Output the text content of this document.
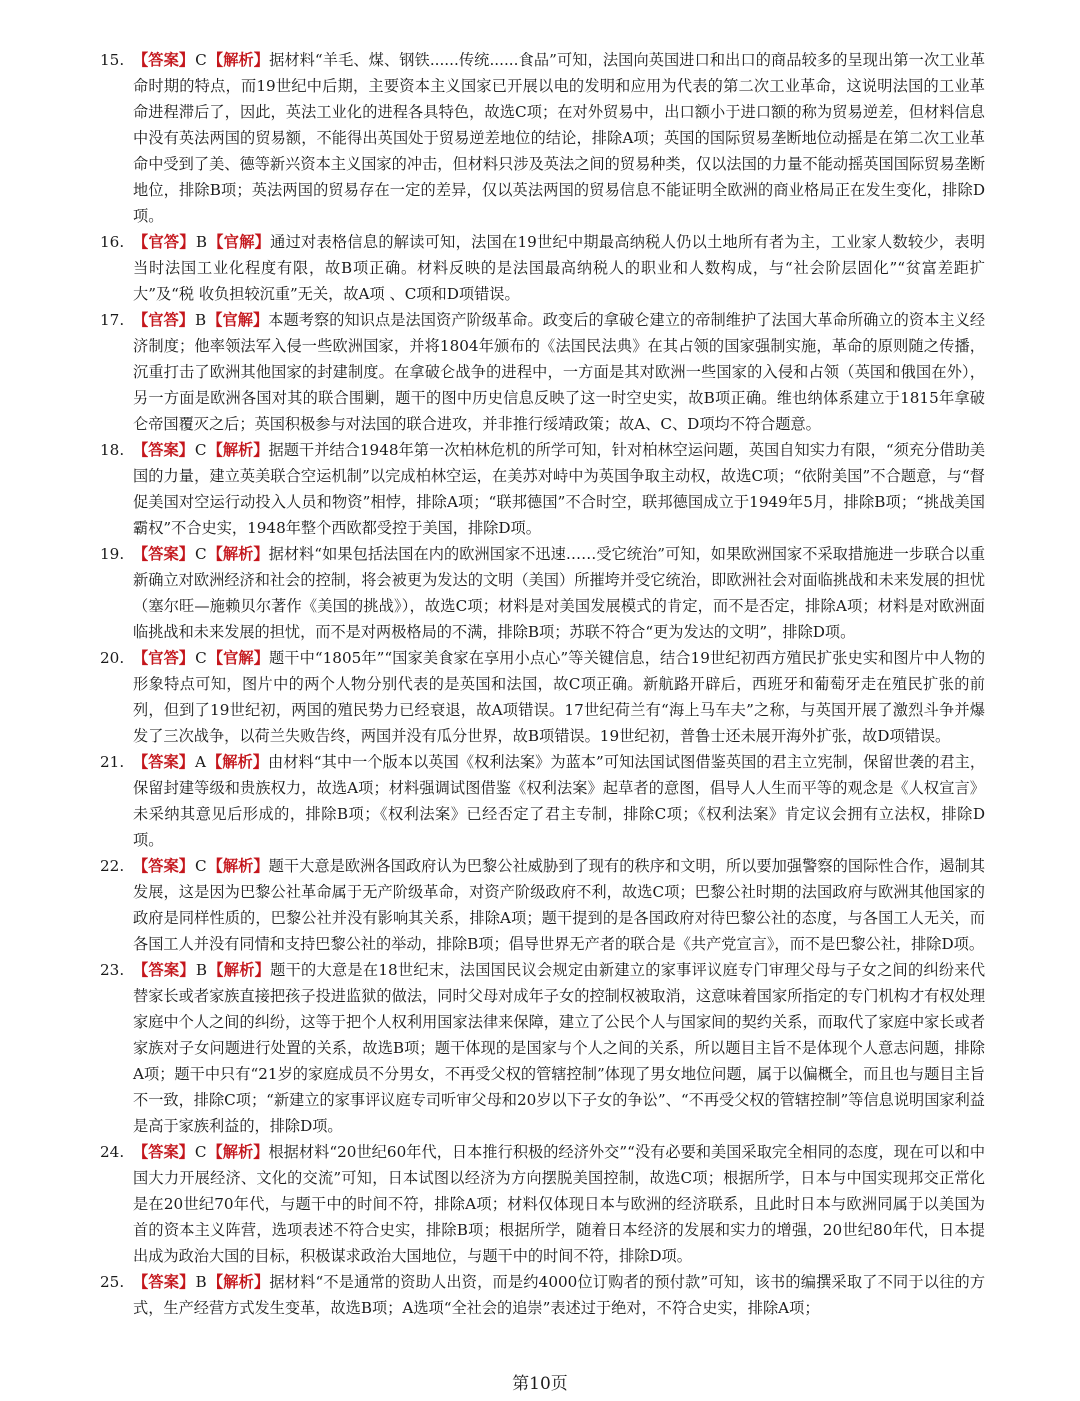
15. 【答案】C【解析】据材料“羊毛、煤、钢铁......传统......食品”可知，法国向英国进口和出口的商品较多的呈现出第一次工业革命时期的特点，而19世纪中后期，主要资本主义国家已开展以电的发明和应用为代表的第二次工业革命，这说明法国的工业革命进程滞后了，因此，英法工业化的进程各具特色，故选C项；在对外贸易中，出口额小于进口额的称为贸易逆差，但材料信息中没有英法两国的贸易额，不能得出英国处于贸易逆差地位的结论，排除A项；英国的国际贸易垄断地位动摇是在第二次工业革命中受到了美、德等新兴资本主义国家的冲击，但材料只涉及英法之间的贸易种类，仅以法国的力量不能动摇英国国际贸易垄断地位，排除B项；英法两国的贸易存在一定的差异，仅以英法两国的贸易信息不能证明全欧洲的商业格局正在发生变化，排除D项。

16. 【官答】B【官解】通过对表格信息的解读可知，法国在19世纪中期最高纳税人仍以土地所有者为主，工业家人数较少，表明当时法国工业化程度有限，故B项正确。材料反映的是法国最高纳税人的职业和人数构成，与“社会阶层固化”“贫富差距扩大”及“税 收负担较沉重”无关，故A项 、C项和D项错误。

17. 【官答】B【官解】本题考察的知识点是法国资产阶级革命。政变后的拿破仑建立的帝制维护了法国大革命所确立的资本主义经济制度；他率领法军入侵一些欧洲国家，并将1804年颁布的《法国民法典》在其占领的国家强制实施，革命的原则随之传播，沉重打击了欧洲其他国家的封建制度。在拿破仑战争的进程中，一方面是其对欧洲一些国家的入侵和占领（英国和俄国在外），另一方面是欧洲各国对其的联合围剿，题干的图中历史信息反映了这一时空史实，故B项正确。维也纳体系建立于1815年拿破仑帝国覆灭之后；英国积极参与对法国的联合进攻，并非推行绥靖政策；故A、C、D项均不符合题意。

18. 【答案】C【解析】据题干并结合1948年第一次柏林危机的所学可知，针对柏林空运问题，英国自知实力有限，“须充分借助美国的力量，建立英美联合空运机制”以完成柏林空运，在美苏对峙中为英国争取主动权，故选C项；“依附美国”不合题意，与“督促美国对空运行动投入人员和物资”相悖，排除A项；“联邦德国”不合时空，联邦德国成立于1949年5月，排除B项；“挑战美国霸权”不合史实，1948年整个西欧都受控于美国，排除D项。

19. 【答案】C【解析】据材料“如果包括法国在内的欧洲国家不迅速……受它统治”可知，如果欧洲国家不采取措施进一步联合以重新确立对欧洲经济和社会的控制，将会被更为发达的文明（美国）所摧垮并受它统治，即欧洲社会对面临挑战和未来发展的担忧（塞尔旺—施赖贝尔著作《美国的挑战》），故选C项；材料是对美国发展模式的肯定，而不是否定，排除A项；材料是对欧洲面临挑战和未来发展的担忧，而不是对两极格局的不满，排除B项；苏联不符合“更为发达的文明”，排除D项。

20. 【官答】C【官解】题干中“1805年”“国家美食家在享用小点心”等关键信息，结合19世纪初西方殖民扩张史实和图片中人物的形象特点可知，图片中的两个人物分别代表的是英国和法国，故C项正确。新航路开辟后，西班牙和葡萄牙走在殖民扩张的前列，但到了19世纪初，两国的殖民势力已经衰退，故A项错误。17世纪荷兰有“海上马车夫”之称，与英国开展了激烈斗争并爆发了三次战争，以荷兰失败告终，两国并没有瓜分世界，故B项错误。19世纪初，普鲁士还未展开海外扩张，故D项错误。

21. 【答案】A【解析】由材料“其中一个版本以英国《权利法案》为蓝本”可知法国试图借鉴英国的君主立宪制，保留世袭的君主，保留封建等级和贵族权力，故选A项；材料强调试图借鉴《权利法案》起草者的意图，倡导人人生而平等的观念是《人权宣言》未采纳其意见后形成的，排除B项；《权利法案》已经否定了君主专制，排除C项；《权利法案》肯定议会拥有立法权，排除D项。

22. 【答案】C【解析】题干大意是欧洲各国政府认为巴黎公社威胁到了现有的秩序和文明，所以要加强警察的国际性合作，遏制其发展，这是因为巴黎公社革命属于无产阶级革命，对资产阶级政府不利，故选C项；巴黎公社时期的法国政府与欧洲其他国家的政府是同样性质的，巴黎公社并没有影响其关系，排除A项；题干提到的是各国政府对待巴黎公社的态度，与各国工人无关，而各国工人并没有同情和支持巴黎公社的举动，排除B项；倡导世界无产者的联合是《共产党宣言》，而不是巴黎公社，排除D项。

23. 【答案】B【解析】题干的大意是在18世纪末，法国国民议会规定由新建立的家事评议庭专门审理父母与子女之间的纠纷来代替家长或者家族直接把孩子投进监狱的做法，同时父母对成年子女的控制权被取消，这意味着国家所指定的专门机构才有权处理家庭中个人之间的纠纷，这等于把个人权利用国家法律来保障，建立了公民个人与国家间的契约关系，而取代了家庭中家长或者家族对子女问题进行处置的关系，故选B项；题干体现的是国家与个人之间的关系，所以题目主旨不是体现个人意志问题，排除A项；题干中只有“21岁的家庭成员不分男女，不再受父权的管辖控制”体现了男女地位问题，属于以偏概全，而且也与题目主旨不一致，排除C项；“新建立的家事评议庭专司听审父母和20岁以下子女的争讼”、“不再受父权的管辖控制”等信息说明国家利益是高于家族利益的，排除D项。

24. 【答案】C【解析】根据材料“20世纪60年代，日本推行积极的经济外交”“没有必要和美国采取完全相同的态度，现在可以和中国大力开展经济、文化的交流”可知，日本试图以经济为方向摆脱美国控制，故选C项；根据所学，日本与中国实现邦交正常化是在20世纪70年代，与题干中的时间不符，排除A项；材料仅体现日本与欧洲的经济联系，且此时日本与欧洲同属于以美国为首的资本主义阵营，选项表述不符合史实，排除B项；根据所学，随着日本经济的发展和实力的增强，20世纪80年代，日本提出成为政治大国的目标，积极谋求政治大国地位，与题干中的时间不符，排除D项。

25. 【答案】B【解析】据材料“不是通常的资助人出资，而是约4000位订购者的预付款”可知，该书的编撰采取了不同于以往的方式，生产经营方式发生变革，故选B项；A选项“全社会的追崇”表述过于绝对，不符合史实，排除A项；

第10页
